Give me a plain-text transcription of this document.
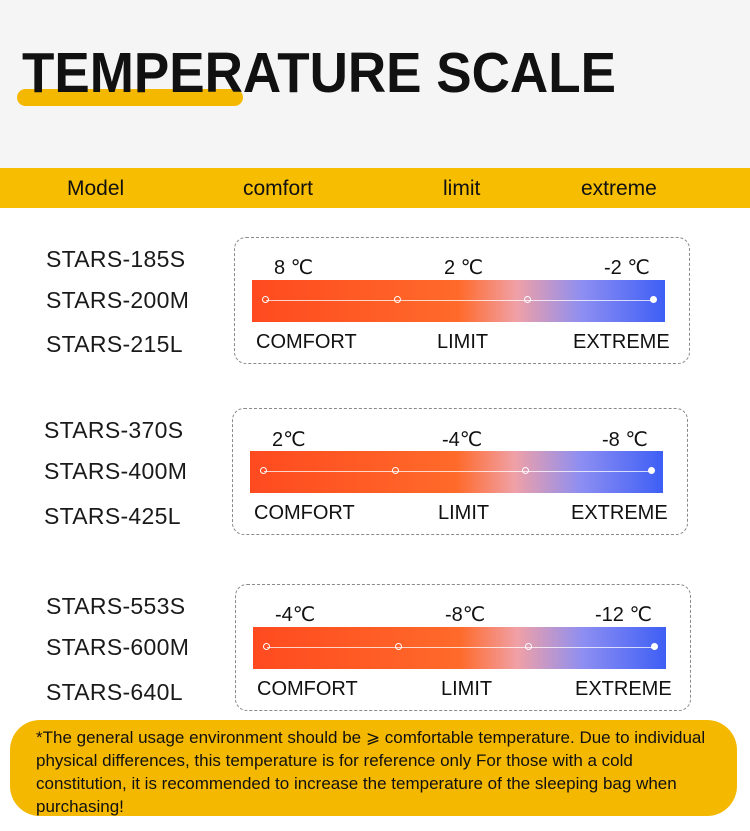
TEMPERATURE SCALE
Model	comfort	limit	extreme
STARS-185S
STARS-200M
STARS-215L
8 ℃	2 ℃	-2 ℃
COMFORT	LIMIT	EXTREME
STARS-370S
STARS-400M
STARS-425L
2℃	-4℃	-8 ℃
COMFORT	LIMIT	EXTREME
STARS-553S
STARS-600M
STARS-640L
-4℃	-8℃	-12 ℃
COMFORT	LIMIT	EXTREME
*The general usage environment should be ⩾ comfortable temperature. Due to individual physical differences, this temperature is for reference only For those with a cold constitution, it is recommended to increase the temperature of the sleeping bag when purchasing!
